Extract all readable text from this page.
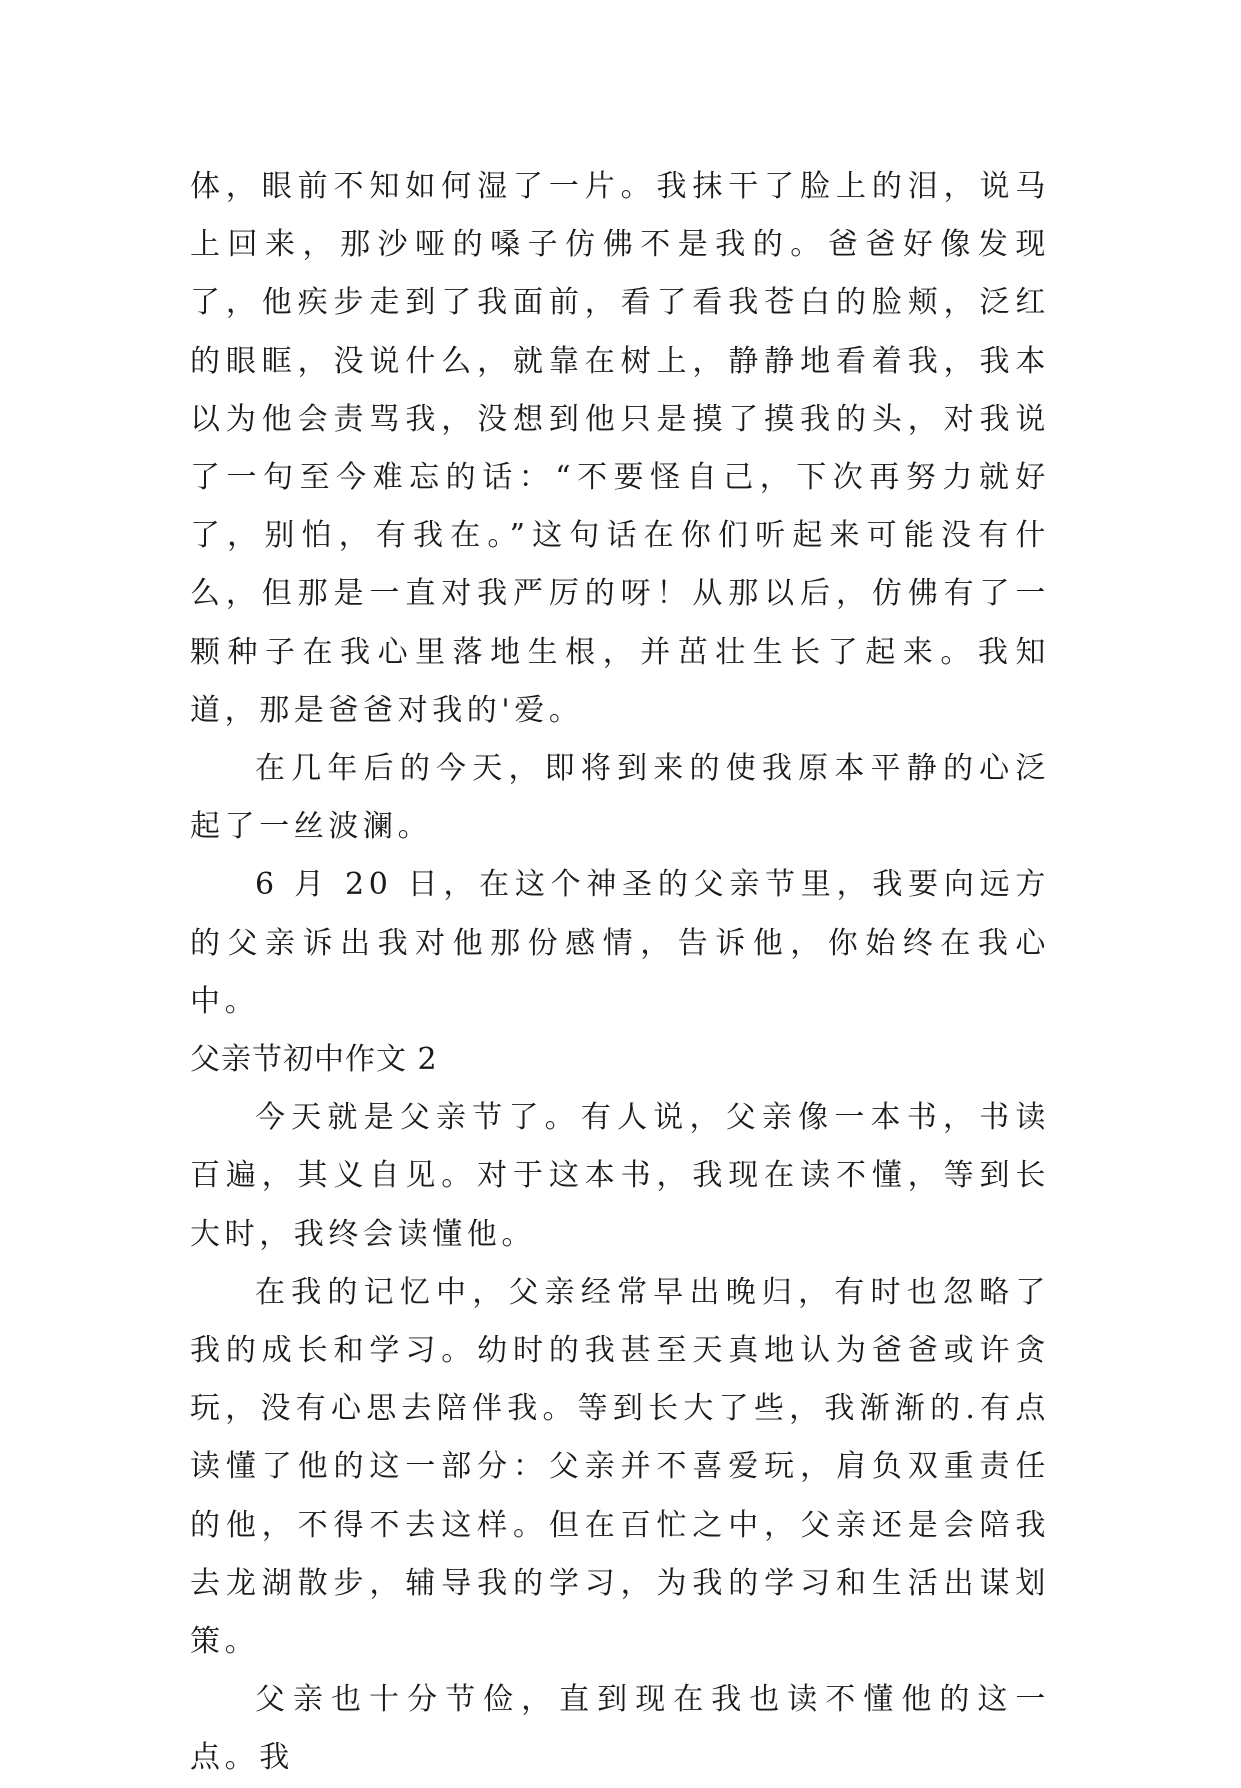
体，眼前不知如何湿了一片。我抹干了脸上的泪，说马上回来，那沙哑的嗓子仿佛不是我的。爸爸好像发现了，他疾步走到了我面前，看了看我苍白的脸颊，泛红的眼眶，没说什么，就靠在树上，静静地看着我，我本以为他会责骂我，没想到他只是摸了摸我的头，对我说了一句至今难忘的话：“不要怪自己，下次再努力就好了，别怕，有我在。”这句话在你们听起来可能没有什么，但那是一直对我严厉的呀！从那以后，仿佛有了一颗种子在我心里落地生根，并茁壮生长了起来。我知道，那是爸爸对我的'爱。

在几年后的今天，即将到来的使我原本平静的心泛起了一丝波澜。

6 月 20 日，在这个神圣的父亲节里，我要向远方的父亲诉出我对他那份感情，告诉他，你始终在我心中。

父亲节初中作文 2

今天就是父亲节了。有人说，父亲像一本书，书读百遍，其义自见。对于这本书，我现在读不懂，等到长大时，我终会读懂他。

在我的记忆中，父亲经常早出晚归，有时也忽略了我的成长和学习。幼时的我甚至天真地认为爸爸或许贪玩，没有心思去陪伴我。等到长大了些，我渐渐的.有点读懂了他的这一部分：父亲并不喜爱玩，肩负双重责任的他，不得不去这样。但在百忙之中，父亲还是会陪我去龙湖散步，辅导我的学习，为我的学习和生活出谋划策。

父亲也十分节俭，直到现在我也读不懂他的这一点。我
